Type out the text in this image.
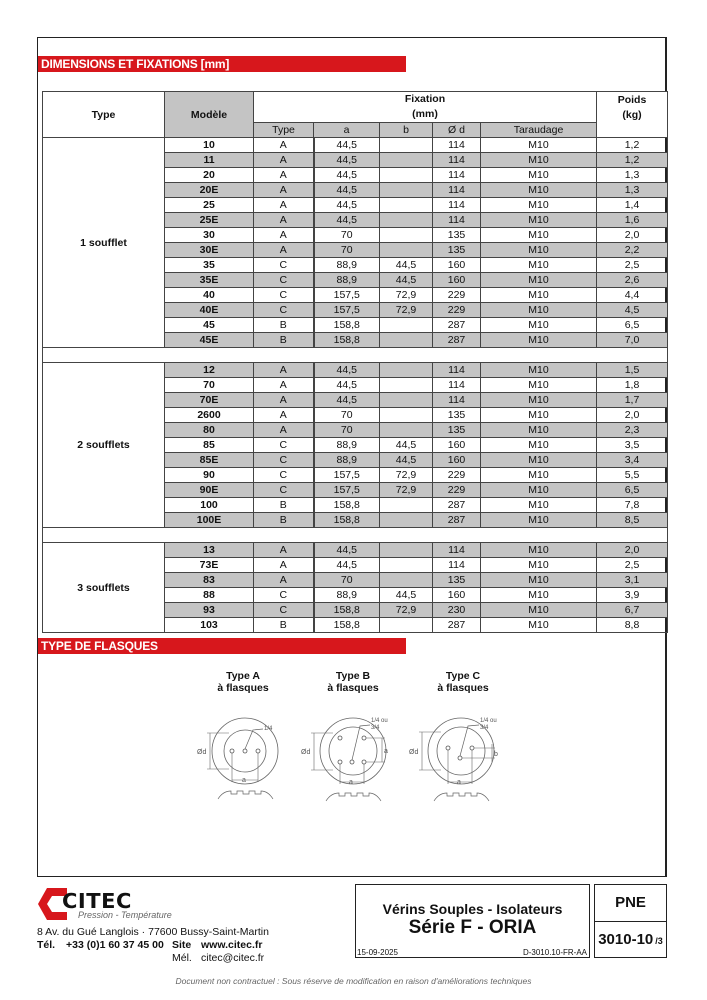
DIMENSIONS ET FIXATIONS [mm]
Type	Modèle	
Fixation
(mm)

Poids
(kg)

		Type	a	b	Ø d	Taraudage	
1 soufflet	10	A	44,5		114	M10	1,2
	11	A	44,5		114	M10	1,2
	20	A	44,5		114	M10	1,3
	20E	A	44,5		114	M10	1,3
	25	A	44,5		114	M10	1,4
	25E	A	44,5		114	M10	1,6
	30	A	70		135	M10	2,0
	30E	A	70		135	M10	2,2
	35	C	88,9	44,5	160	M10	2,5
	35E	C	88,9	44,5	160	M10	2,6
	40	C	157,5	72,9	229	M10	4,4
	40E	C	157,5	72,9	229	M10	4,5
	45	B	158,8		287	M10	6,5
	45E	B	158,8		287	M10	7,0

2 soufflets	12	A	44,5		114	M10	1,5
	70	A	44,5		114	M10	1,8
	70E	A	44,5		114	M10	1,7
	2600	A	70		135	M10	2,0
	80	A	70		135	M10	2,3
	85	C	88,9	44,5	160	M10	3,5
	85E	C	88,9	44,5	160	M10	3,4
	90	C	157,5	72,9	229	M10	5,5
	90E	C	157,5	72,9	229	M10	6,5
	100	B	158,8		287	M10	7,8
	100E	B	158,8		287	M10	8,5

3 soufflets	13	A	44,5		114	M10	2,0
	73E	A	44,5		114	M10	2,5
	83	A	70		135	M10	3,1
	88	C	88,9	44,5	160	M10	3,9
	93	C	158,8	72,9	230	M10	6,7
	103	B	158,8		287	M10	8,8
TYPE DE FLASQUES
Type A
à flasques
1/4
Ød
a
Type B
à flasques
1/4 ou
3/4
Ød	a
a
Type C
à flasques
1/4 ou
3/4
Ød	b
a
CITEC
Pression - Température
8 Av. du Gué Langlois · 77600 Bussy-Saint-Martin
Tél. +33 (0)1 60 37 45 00 Site www.citec.fr
Mél. citec@citec.fr
Vérins Souples - Isolateurs
Série F - ORIA
15-09-2025	D-3010.10-FR-AA
PNE
3010-10 /3
Document non contractuel : Sous réserve de modification en raison d'améliorations techniques
